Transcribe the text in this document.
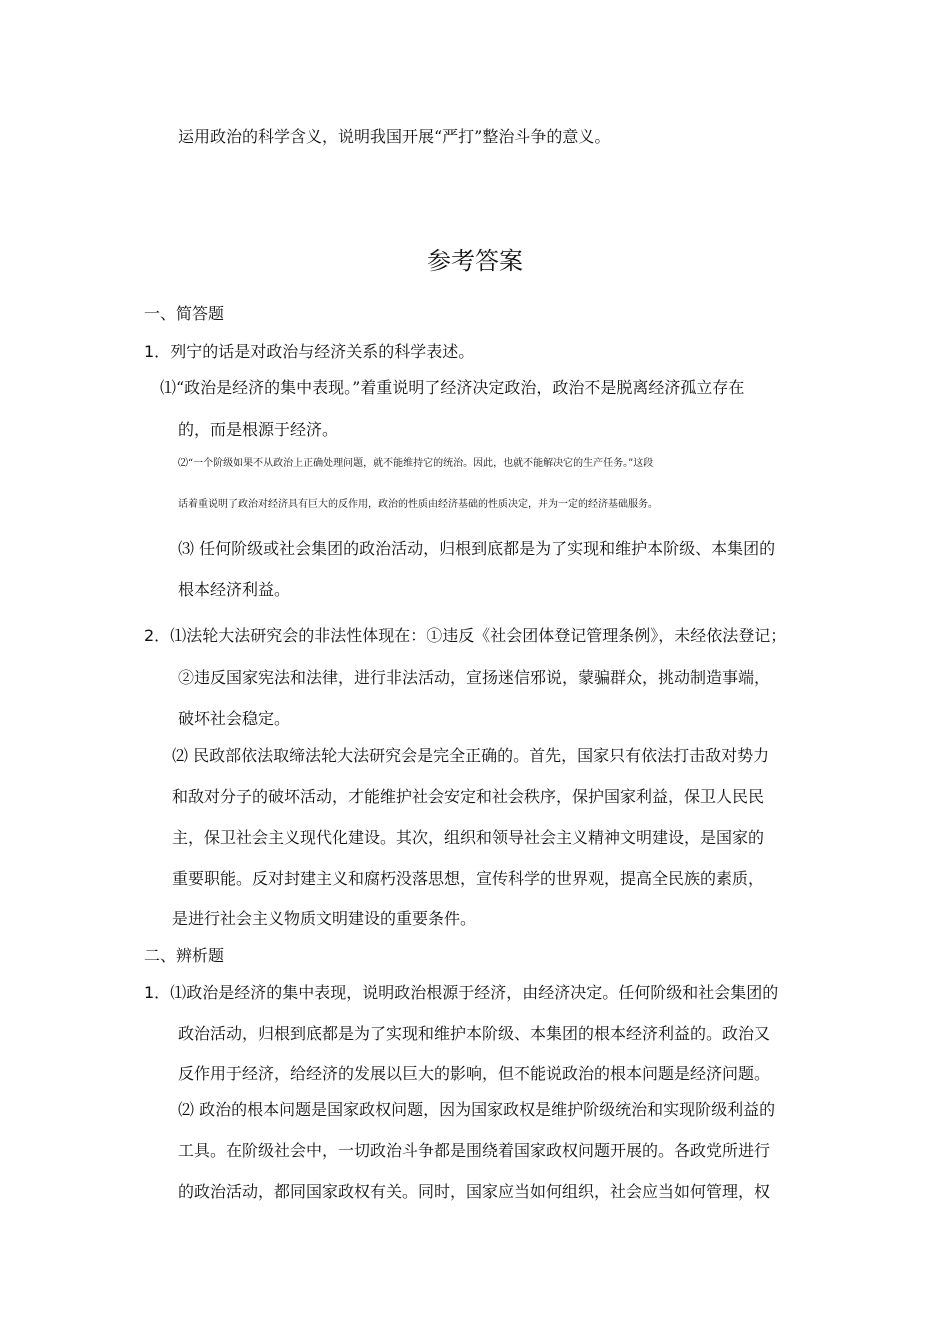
运用政治的科学含义，说明我国开展“严打”整治斗争的意义。
参考答案
一、简答题
1．列宁的话是对政治与经济关系的科学表述。
⑴“政治是经济的集中表现。”着重说明了经济决定政治，政治不是脱离经济孤立存在
的，而是根源于经济。
⑵“一个阶级如果不从政治上正确处理问题，就不能维持它的统治。因此，也就不能解决它的生产任务。”这段
话着重说明了政治对经济具有巨大的反作用，政治的性质由经济基础的性质决定，并为一定的经济基础服务。
⑶ 任何阶级或社会集团的政治活动，归根到底都是为了实现和维护本阶级、本集团的
根本经济利益。
2．⑴法轮大法研究会的非法性体现在：①违反《社会团体登记管理条例》，未经依法登记；
②违反国家宪法和法律，进行非法活动，宣扬迷信邪说，蒙骗群众，挑动制造事端，
破坏社会稳定。
⑵ 民政部依法取缔法轮大法研究会是完全正确的。首先，国家只有依法打击敌对势力
和敌对分子的破坏活动，才能维护社会安定和社会秩序，保护国家利益，保卫人民民
主，保卫社会主义现代化建设。其次，组织和领导社会主义精神文明建设，是国家的
重要职能。反对封建主义和腐朽没落思想，宣传科学的世界观，提高全民族的素质，
是进行社会主义物质文明建设的重要条件。
二、辨析题
1．⑴政治是经济的集中表现，说明政治根源于经济，由经济决定。任何阶级和社会集团的
政治活动，归根到底都是为了实现和维护本阶级、本集团的根本经济利益的。政治又
反作用于经济，给经济的发展以巨大的影响，但不能说政治的根本问题是经济问题。
⑵ 政治的根本问题是国家政权问题，因为国家政权是维护阶级统治和实现阶级利益的
工具。在阶级社会中，一切政治斗争都是围绕着国家政权问题开展的。各政党所进行
的政治活动，都同国家政权有关。同时，国家应当如何组织，社会应当如何管理，权
